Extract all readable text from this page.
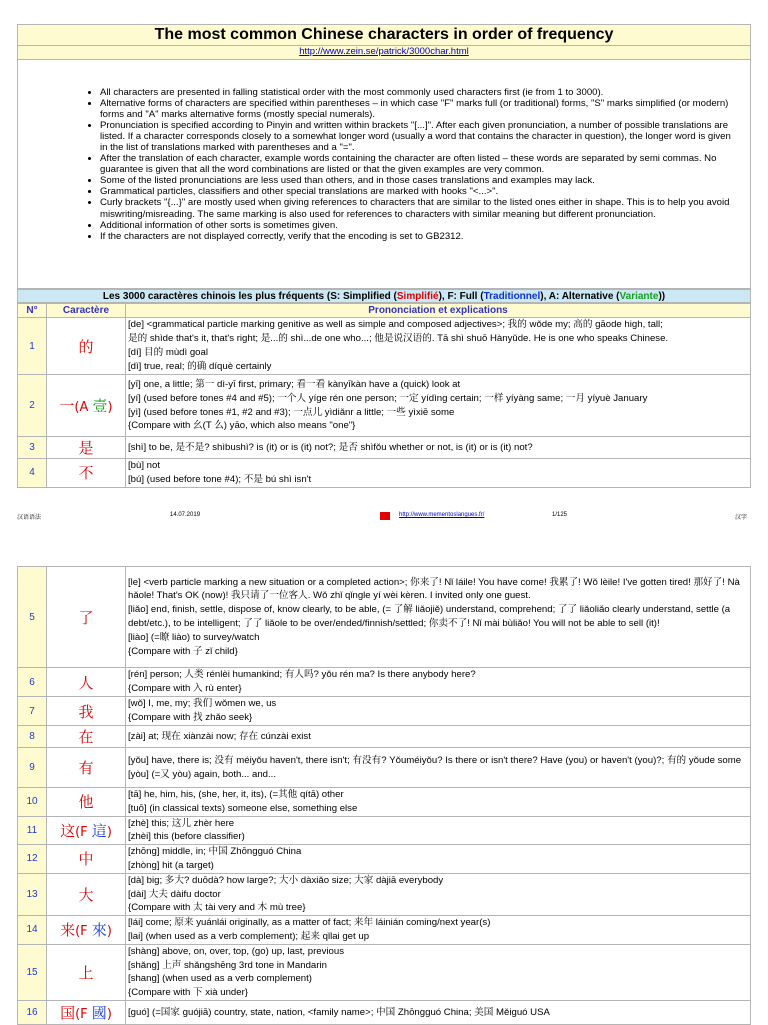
The most common Chinese characters in order of frequency
http://www.zein.se/patrick/3000char.html
• All characters are presented in falling statistical order with the most commonly used characters first (ie from 1 to 3000).
• Alternative forms of characters are specified within parentheses – in which case "F" marks full (or traditional) forms, "S" marks simplified (or modern) forms and "A" marks alternative forms (mostly special numerals).
• Pronunciation is specified according to Pinyin and written within brackets "[...]". After each given pronunciation, a number of possible translations are listed. If a character corresponds closely to a somewhat longer word (usually a word that contains the character in question), the longer word is given in the list of translations marked with parentheses and a "=".
• After the translation of each character, example words containing the character are often listed – these words are separated by semi commas. No guarantee is given that all the word combinations are listed or that the given examples are very common.
• Some of the listed pronunciations are less used than others, and in those cases translations and examples may lack.
• Grammatical particles, classifiers and other special translations are marked with hooks "<...>".
• Curly brackets "{...}" are mostly used when giving references to characters that are similar to the listed ones either in shape. This is to help you avoid miswriting/misreading. The same marking is also used for references to characters with similar meaning but different pronunciation.
• Additional information of other sorts is sometimes given.
• If the characters are not displayed correctly, verify that the encoding is set to GB2312.
Les 3000 caractères chinois les plus fréquents (S: Simplified (Simplifié), F: Full (Traditionnel), A: Alternative (Variante))
N°	Caractère	Prononciation et explications
1	的	[de] <grammatical particle marking genitive as well as simple and composed adjectives>; 我的 wǒde my; 高的 gāode high, tall;
是的 shìde that's it, that's right; 是...的 shì...de one who...; 他是说汉语的. Tā shì shuō Hànyǔde. He is one who speaks Chinese.
[dí] 目的 mùdì goal
[dì] true, real; 的确 díquè certainly

2	一(A 壹)	[yī] one, a little; 第一 dì-yī first, primary; 看一看 kànyīkàn have a (quick) look at
[yí] (used before tones #4 and #5); 一个人 yíge rén one person; 一定 yídìng certain; 一样 yíyàng same; 一月 yíyuè January
[yì] (used before tones #1, #2 and #3); 一点儿 yìdiǎnr a little; 一些 yìxiē some
{Compare with 幺(T 么) yāo, which also means "one"}

3	是	[shì] to be, 是不是? shìbushì? is (it) or is (it) not?; 是否 shìfǒu whether or not, is (it) or is (it) not?

4	不	[bù] not
[bú] (used before tone #4); 不是 bú shì isn't
汉语语法	14.07.2019	http://www.mementoslangues.fr/	1/125	汉字
5	了	[le] <verb particle marking a new situation or a completed action>; 你来了! Nǐ láile! You have come! 我累了! Wǒ lèile! I've gotten tired! 那好了! Nà hǎole! That's OK (now)! 我只请了一位客人. Wǒ zhǐ qǐngle yí wèi kèren. I invited only one guest.
[liǎo] end, finish, settle, dispose of, know clearly, to be able, (= 了解 liǎojiě) understand, comprehend; 了了 liǎoliǎo clearly understand, settle (a debt/etc.), to be intelligent; 了了 liǎole to be over/ended/finnish/settled; 你卖不了! Nǐ mài bùliǎo! You will not be able to sell (it)!
[liào] (=瞭 liào) to survey/watch
{Compare with 子 zǐ child}

6	人	[rén] person; 人类 rénlèi humankind; 有人吗? yǒu rén ma? Is there anybody here?
{Compare with 入 rù enter}

7	我	[wǒ] I, me, my; 我们 wǒmen we, us
{Compare with 找 zhǎo seek}

8	在	[zài] at; 现在 xiànzài now; 存在 cúnzài exist

9	有	[yǒu] have, there is; 没有 méiyǒu haven't, there isn't; 有没有? Yǒuméiyǒu? Is there or isn't there? Have (you) or haven't (you)?; 有的 yǒude some
[yòu] (=又 yòu) again, both... and...

10	他	[tā] he, him, his, (she, her, it, its), (=其他 qítā) other
[tuō] (in classical texts) someone else, something else

11	这(F 這)	[zhè] this; 这儿 zhèr here
[zhèi] this (before classifier)

12	中	[zhōng] middle, in; 中国 Zhōngguó China
[zhòng] hit (a target)

13	大	[dà] big; 多大? duōdà? how large?; 大小 dàxiǎo size; 大家 dàjiā everybody
[dài] 大夫 dàifu doctor
{Compare with 太 tài very and 木 mù tree}

14	来(F 來)	[lái] come; 原来 yuánlái originally, as a matter of fact; 来年 láinián coming/next year(s)
[lai] (when used as a verb complement); 起来 qǐlai get up

15	上	[shàng] above, on, over, top, (go) up, last, previous
[shǎng] 上声 shǎngshēng 3rd tone in Mandarin
[shang] (when used as a verb complement)
{Compare with 下 xià under}

16	国(F 國)	[guó] (=国家 guójiā) country, state, nation, <family name>; 中国 Zhōngguó China; 美国 Měiguó USA
